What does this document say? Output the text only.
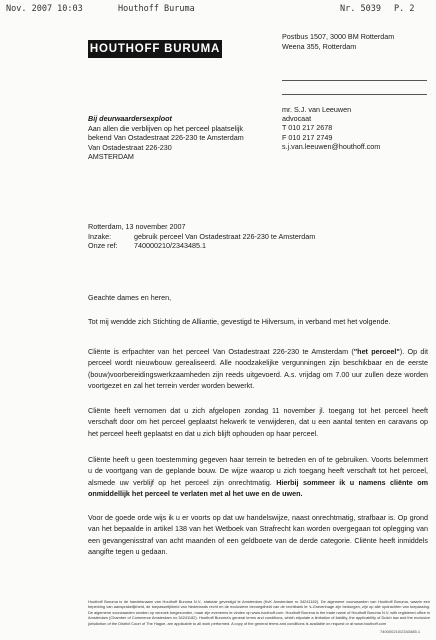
Nov. 2007 10:03	Houthoff Buruma	Nr. 5039 P. 2
HOUTHOFF BURUMA
Postbus 1507, 3000 BM Rotterdam
Weena 355, Rotterdam
Bij deurwaardersexploot
Aan allen die verblijven op het perceel plaatselijk
bekend Van Ostadestraat 226-230 te Amsterdam
Van Ostadestraat 226-230
AMSTERDAM
mr. S.J. van Leeuwen
advocaat
T 010 217 2678
F 010 217 2749
s.j.van.leeuwen@houthoff.com
Rotterdam, 13 november 2007
Inzake:	gebruik perceel Van Ostadestraat 226-230 te Amsterdam
Onze ref: 740000210/2343485.1
Geachte dames en heren,
Tot mij wendde zich Stichting de Alliantie, gevestigd te Hilversum, in verband met het volgende.
Cliënte is erfpachter van het perceel Van Ostadestraat 226-230 te Amsterdam ("het perceel"). Op dit perceel wordt nieuwbouw gerealiseerd. Alle noodzakelijke vergunningen zijn beschikbaar en de eerste (bouw)voorbereidingswerkzaamheden zijn reeds uitgevoerd. A.s. vrijdag om 7.00 uur zullen deze worden voortgezet en zal het terrein verder worden bewerkt.
Cliënte heeft vernomen dat u zich afgelopen zondag 11 november jl. toegang tot het perceel heeft verschaft door om het perceel geplaatst hekwerk te verwijderen, dat u een aantal tenten en caravans op het perceel heeft geplaatst en dat u zich blijft ophouden op haar perceel.
Cliënte heeft u geen toestemming gegeven haar terrein te betreden en of te gebruiken. Voorts belemmert u de voortgang van de geplande bouw. De wijze waarop u zich toegang heeft verschaft tot het perceel, alsmede uw verblijf op het perceel zijn onrechtmatig. Hierbij sommeer ik u namens cliënte om onmiddellijk het perceel te verlaten met al het uwe en de uwen.
Voor de goede orde wijs ik u er voorts op dat uw handelswijze, naast onrechtmatig, strafbaar is. Op grond van het bepaalde in artikel 138 van het Wetboek van Strafrecht kan worden overgegaan tot oplegging van een gevangenisstraf van acht maanden of een geldboete van de derde categorie. Cliënte heeft inmiddels aangifte tegen u gedaan.
Houthoff Buruma is de handelsnaam van Houthoff Buruma N.V., statutair gevestigd te Amsterdam (KvK Amsterdam nr 34241182). De algemene voorwaarden van Houthoff Buruma, waarin een beperking van aansprakelijkheid, de toepasselijkheid van Nederlands recht en de exclusieve bevoegdheid van de rechtbank te 's-Gravenhage zijn bedongen, zijn op alle opdrachten van toepassing. De algemene voorwaarden worden op verzoek toegezonden, maar zijn eveneens te vinden op www.houthoff.com. Houthoff Buruma is the trade name of Houthoff Buruma N.V. with registered office in Amsterdam (Chamber of Commerce Amsterdam no 34241182). Houthoff Buruma's general terms and conditions, which stipulate a limitation of liability, the applicability of Dutch law and the exclusive jurisdiction of the District Court of The Hague, are applicable to all work performed. A copy of the general terms and conditions is available on request or at www.houthoff.com
740000210/2343485.1
